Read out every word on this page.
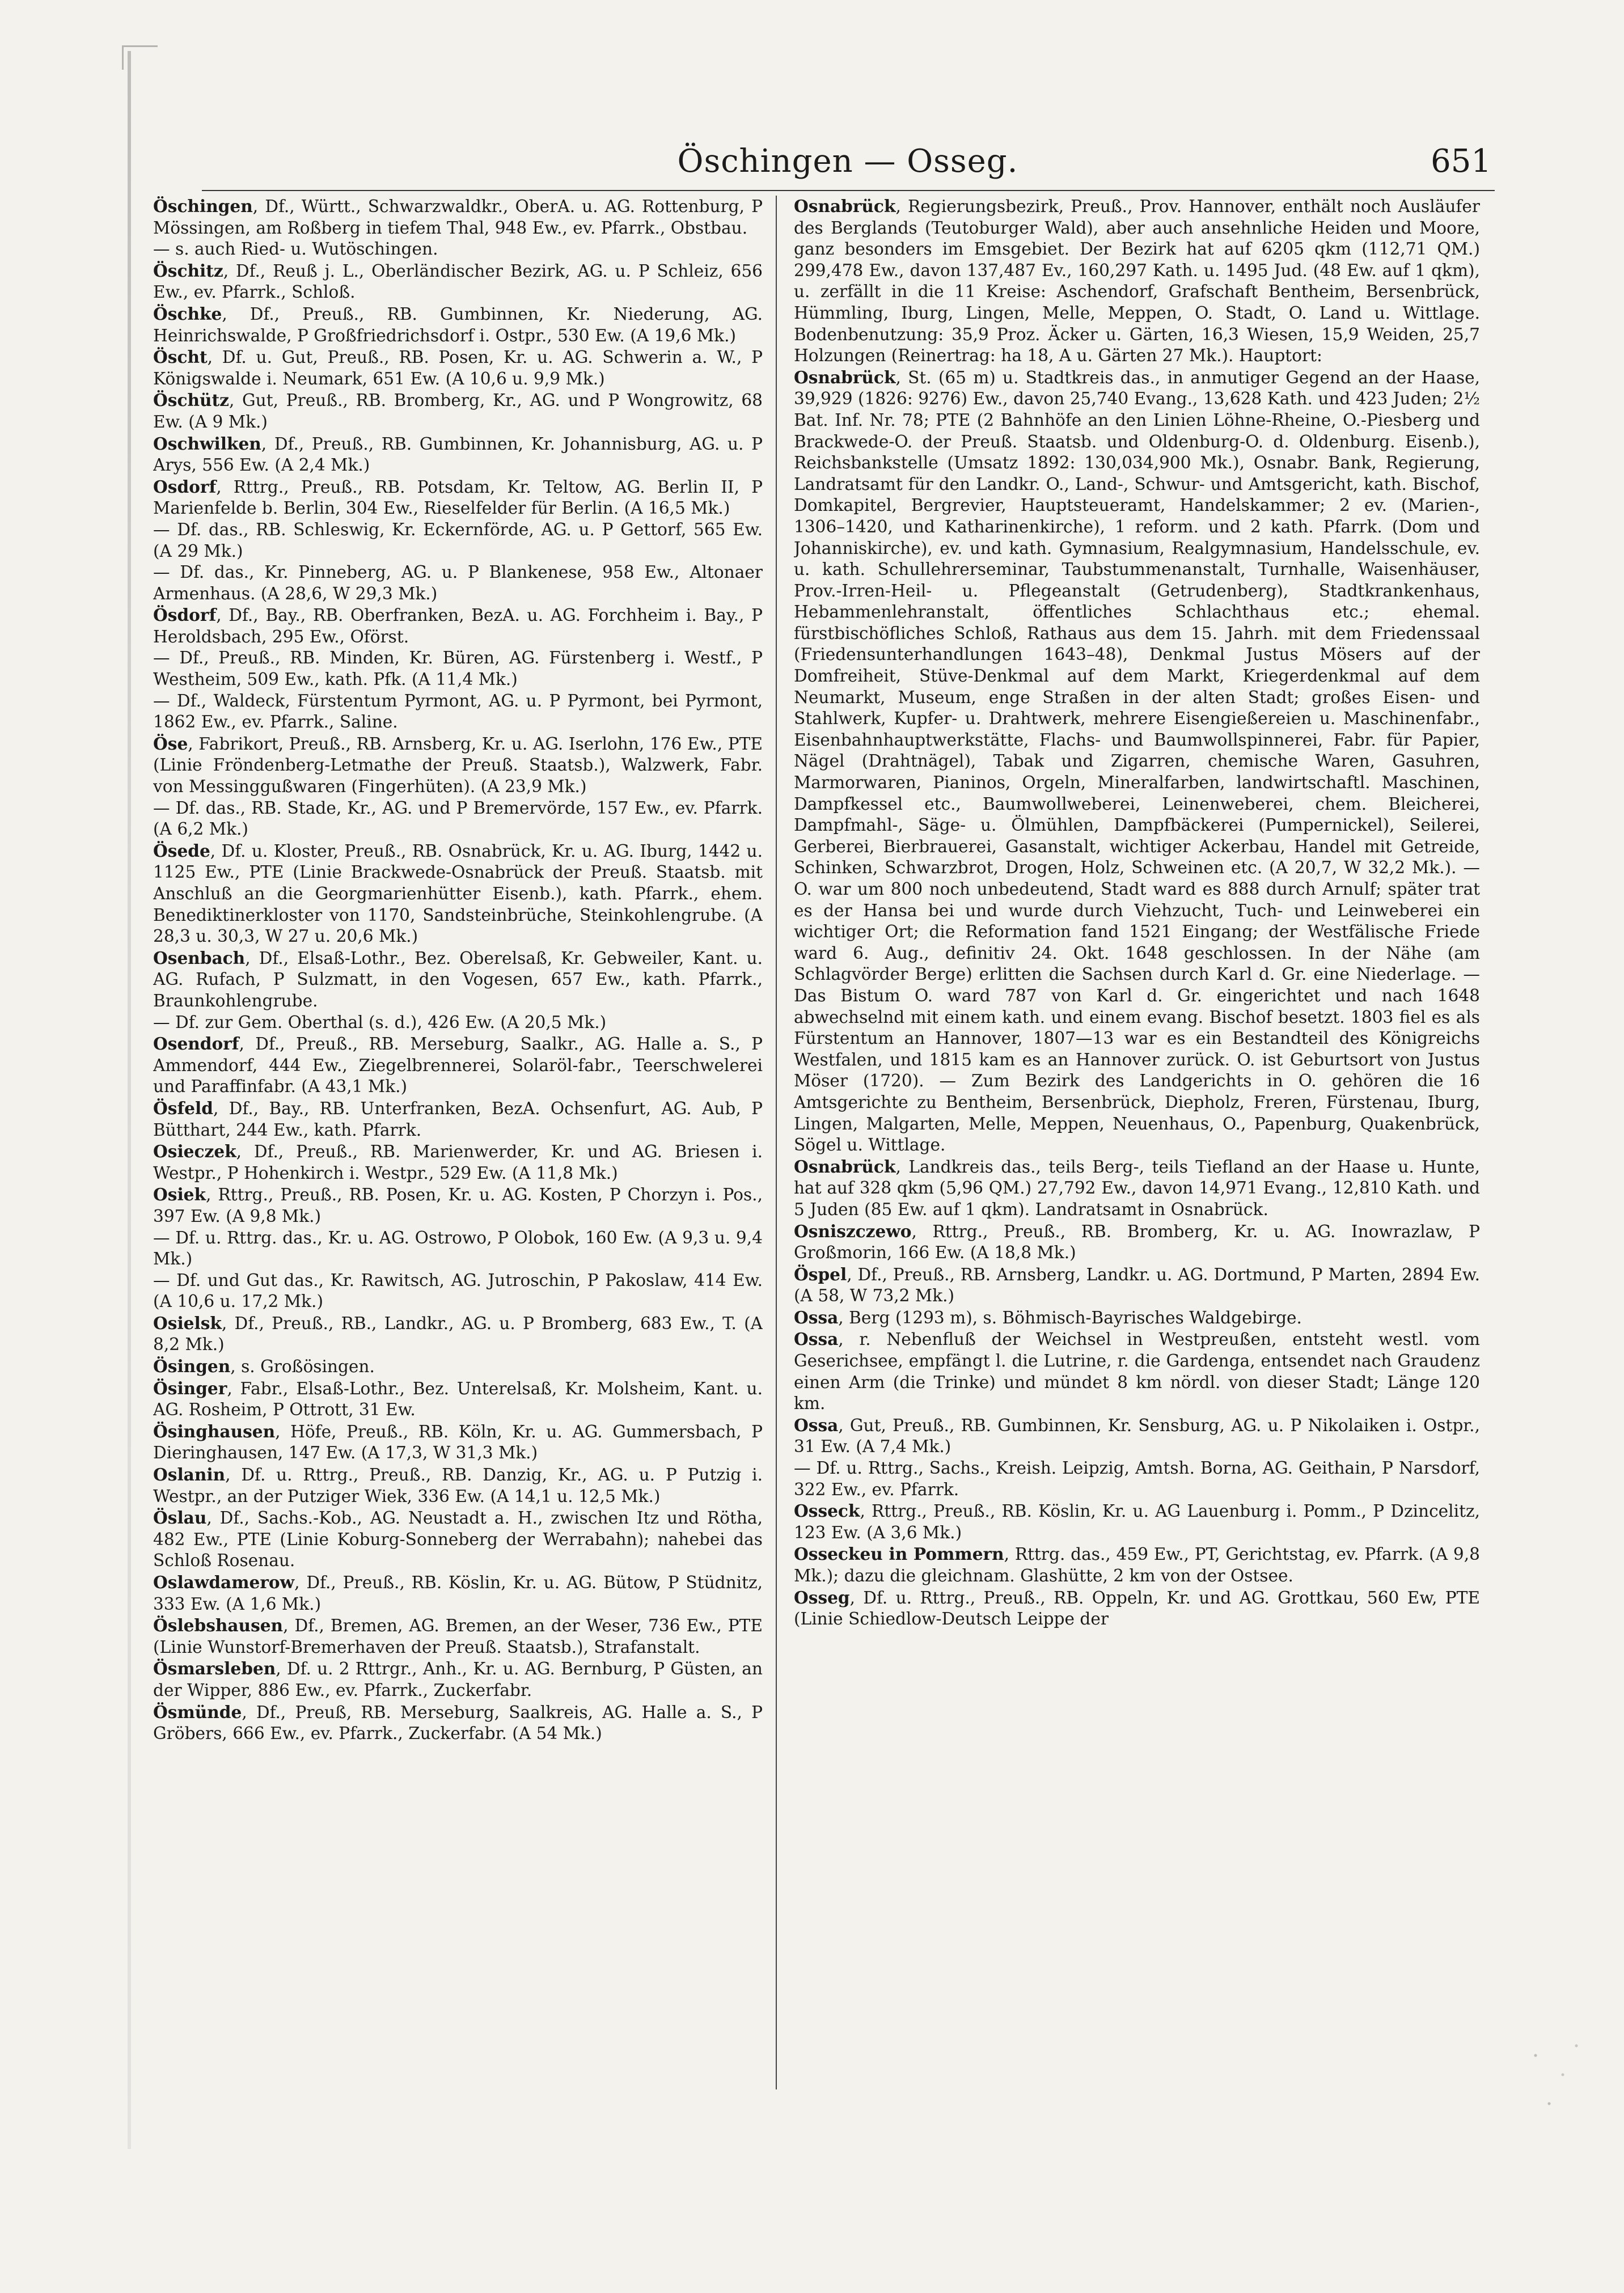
Öschingen — Osseg.	651
Öschingen, Df., Württ., Schwarzwaldkr., OberA. u. AG. Rottenburg, P Mössingen, am Roßberg in tiefem Thal, 948 Ew., ev. Pfarrk., Obstbau.
— s. auch Ried- u. Wutöschingen.
Öschitz, Df., Reuß j. L., Oberländischer Bezirk, AG. u. P Schleiz, 656 Ew., ev. Pfarrk., Schloß.
Öschke, Df., Preuß., RB. Gumbinnen, Kr. Niederung, AG. Heinrichswalde, P Großfriedrichsdorf i. Ostpr., 530 Ew. (A 19,6 Mk.)
Öscht, Df. u. Gut, Preuß., RB. Posen, Kr. u. AG. Schwerin a. W., P Königswalde i. Neumark, 651 Ew. (A 10,6 u. 9,9 Mk.)
Öschütz, Gut, Preuß., RB. Bromberg, Kr., AG. und P Wongrowitz, 68 Ew. (A 9 Mk.)
Oschwilken, Df., Preuß., RB. Gumbinnen, Kr. Johannisburg, AG. u. P Arys, 556 Ew. (A 2,4 Mk.)
Osdorf, Rttrg., Preuß., RB. Potsdam, Kr. Teltow, AG. Berlin II, P Marienfelde b. Berlin, 304 Ew., Rieselfelder für Berlin. (A 16,5 Mk.)
— Df. das., RB. Schleswig, Kr. Eckernförde, AG. u. P Gettorf, 565 Ew. (A 29 Mk.)
— Df. das., Kr. Pinneberg, AG. u. P Blankenese, 958 Ew., Altonaer Armenhaus. (A 28,6, W 29,3 Mk.)
Ösdorf, Df., Bay., RB. Oberfranken, BezA. u. AG. Forchheim i. Bay., P Heroldsbach, 295 Ew., Oförst.
— Df., Preuß., RB. Minden, Kr. Büren, AG. Fürstenberg i. Westf., P Westheim, 509 Ew., kath. Pfk. (A 11,4 Mk.)
— Df., Waldeck, Fürstentum Pyrmont, AG. u. P Pyrmont, bei Pyrmont, 1862 Ew., ev. Pfarrk., Saline.
Öse, Fabrikort, Preuß., RB. Arnsberg, Kr. u. AG. Iserlohn, 176 Ew., PTE (Linie Fröndenberg-Letmathe der Preuß. Staatsb.), Walzwerk, Fabr. von Messinggußwaren (Fingerhüten). (A 23,9 Mk.)
— Df. das., RB. Stade, Kr., AG. und P Bremervörde, 157 Ew., ev. Pfarrk. (A 6,2 Mk.)
Ösede, Df. u. Kloster, Preuß., RB. Osnabrück, Kr. u. AG. Iburg, 1442 u. 1125 Ew., PTE (Linie Brackwede-Osnabrück der Preuß. Staatsb. mit Anschluß an die Georgmarienhütter Eisenb.), kath. Pfarrk., ehem. Benediktinerkloster von 1170, Sandsteinbrüche, Steinkohlengrube. (A 28,3 u. 30,3, W 27 u. 20,6 Mk.)
Osenbach, Df., Elsaß-Lothr., Bez. Oberelsaß, Kr. Gebweiler, Kant. u. AG. Rufach, P Sulzmatt, in den Vogesen, 657 Ew., kath. Pfarrk., Braunkohlengrube.
— Df. zur Gem. Oberthal (s. d.), 426 Ew. (A 20,5 Mk.)
Osendorf, Df., Preuß., RB. Merseburg, Saalkr., AG. Halle a. S., P Ammendorf, 444 Ew., Ziegelbrennerei, Solaröl-fabr., Teerschwelerei und Paraffinfabr. (A 43,1 Mk.)
Ösfeld, Df., Bay., RB. Unterfranken, BezA. Ochsenfurt, AG. Aub, P Bütthart, 244 Ew., kath. Pfarrk.
Osieczek, Df., Preuß., RB. Marienwerder, Kr. und AG. Briesen i. Westpr., P Hohenkirch i. Westpr., 529 Ew. (A 11,8 Mk.)
Osiek, Rttrg., Preuß., RB. Posen, Kr. u. AG. Kosten, P Chorzyn i. Pos., 397 Ew. (A 9,8 Mk.)
— Df. u. Rttrg. das., Kr. u. AG. Ostrowo, P Olobok, 160 Ew. (A 9,3 u. 9,4 Mk.)
— Df. und Gut das., Kr. Rawitsch, AG. Jutroschin, P Pakoslaw, 414 Ew. (A 10,6 u. 17,2 Mk.)
Osielsk, Df., Preuß., RB., Landkr., AG. u. P Bromberg, 683 Ew., T. (A 8,2 Mk.)
Ösingen, s. Großösingen.
Ösinger, Fabr., Elsaß-Lothr., Bez. Unterelsaß, Kr. Molsheim, Kant. u. AG. Rosheim, P Ottrott, 31 Ew.
Ösinghausen, Höfe, Preuß., RB. Köln, Kr. u. AG. Gummersbach, P Dieringhausen, 147 Ew. (A 17,3, W 31,3 Mk.)
Oslanin, Df. u. Rttrg., Preuß., RB. Danzig, Kr., AG. u. P Putzig i. Westpr., an der Putziger Wiek, 336 Ew. (A 14,1 u. 12,5 Mk.)
Öslau, Df., Sachs.-Kob., AG. Neustadt a. H., zwischen Itz und Rötha, 482 Ew., PTE (Linie Koburg-Sonneberg der Werrabahn); nahebei das Schloß Rosenau.
Oslawdamerow, Df., Preuß., RB. Köslin, Kr. u. AG. Bütow, P Stüdnitz, 333 Ew. (A 1,6 Mk.)
Öslebshausen, Df., Bremen, AG. Bremen, an der Weser, 736 Ew., PTE (Linie Wunstorf-Bremerhaven der Preuß. Staatsb.), Strafanstalt.
Ösmarsleben, Df. u. 2 Rttrgr., Anh., Kr. u. AG. Bernburg, P Güsten, an der Wipper, 886 Ew., ev. Pfarrk., Zuckerfabr.
Ösmünde, Df., Preuß, RB. Merseburg, Saalkreis, AG. Halle a. S., P Gröbers, 666 Ew., ev. Pfarrk., Zuckerfabr. (A 54 Mk.)
Osnabrück, Regierungsbezirk, Preuß., Prov. Hannover, enthält noch Ausläufer des Berglands (Teutoburger Wald), aber auch ansehnliche Heiden und Moore, ganz besonders im Emsgebiet. Der Bezirk hat auf 6205 qkm (112,71 QM.) 299,478 Ew., davon 137,487 Ev., 160,297 Kath. u. 1495 Jud. (48 Ew. auf 1 qkm), u. zerfällt in die 11 Kreise: Aschendorf, Grafschaft Bentheim, Bersenbrück, Hümmling, Iburg, Lingen, Melle, Meppen, O. Stadt, O. Land u. Wittlage. Bodenbenutzung: 35,9 Proz. Äcker u. Gärten, 16,3 Wiesen, 15,9 Weiden, 25,7 Holzungen (Reinertrag: ha 18, A u. Gärten 27 Mk.). Hauptort:
Osnabrück, St. (65 m) u. Stadtkreis das., in anmutiger Gegend an der Haase, 39,929 (1826: 9276) Ew., davon 25,740 Evang., 13,628 Kath. und 423 Juden; 2½ Bat. Inf. Nr. 78; PTE (2 Bahnhöfe an den Linien Löhne-Rheine, O.-Piesberg und Brackwede-O. der Preuß. Staatsb. und Oldenburg-O. d. Oldenburg. Eisenb.), Reichsbankstelle (Umsatz 1892: 130,034,900 Mk.), Osnabr. Bank, Regierung, Landratsamt für den Landkr. O., Land-, Schwur- und Amtsgericht, kath. Bischof, Domkapitel, Bergrevier, Hauptsteueramt, Handelskammer; 2 ev. (Marien-, 1306–1420, und Katharinenkirche), 1 reform. und 2 kath. Pfarrk. (Dom und Johanniskirche), ev. und kath. Gymnasium, Realgymnasium, Handelsschule, ev. u. kath. Schullehrerseminar, Taubstummenanstalt, Turnhalle, Waisenhäuser, Prov.-Irren-Heil- u. Pflegeanstalt (Getrudenberg), Stadtkrankenhaus, Hebammenlehranstalt, öffentliches Schlachthaus etc.; ehemal. fürstbischöfliches Schloß, Rathaus aus dem 15. Jahrh. mit dem Friedenssaal (Friedensunterhandlungen 1643–48), Denkmal Justus Mösers auf der Domfreiheit, Stüve-Denkmal auf dem Markt, Kriegerdenkmal auf dem Neumarkt, Museum, enge Straßen in der alten Stadt; großes Eisen- und Stahlwerk, Kupfer- u. Drahtwerk, mehrere Eisengießereien u. Maschinenfabr., Eisenbahnhauptwerkstätte, Flachs- und Baumwollspinnerei, Fabr. für Papier, Nägel (Drahtnägel), Tabak und Zigarren, chemische Waren, Gasuhren, Marmorwaren, Pianinos, Orgeln, Mineralfarben, landwirtschaftl. Maschinen, Dampfkessel etc., Baumwollweberei, Leinenweberei, chem. Bleicherei, Dampfmahl-, Säge- u. Ölmühlen, Dampfbäckerei (Pumpernickel), Seilerei, Gerberei, Bierbrauerei, Gasanstalt, wichtiger Ackerbau, Handel mit Getreide, Schinken, Schwarzbrot, Drogen, Holz, Schweinen etc. (A 20,7, W 32,2 Mk.). — O. war um 800 noch unbedeutend, Stadt ward es 888 durch Arnulf; später trat es der Hansa bei und wurde durch Viehzucht, Tuch- und Leinweberei ein wichtiger Ort; die Reformation fand 1521 Eingang; der Westfälische Friede ward 6. Aug., definitiv 24. Okt. 1648 geschlossen. In der Nähe (am Schlagvörder Berge) erlitten die Sachsen durch Karl d. Gr. eine Niederlage. — Das Bistum O. ward 787 von Karl d. Gr. eingerichtet und nach 1648 abwechselnd mit einem kath. und einem evang. Bischof besetzt. 1803 fiel es als Fürstentum an Hannover, 1807—13 war es ein Bestandteil des Königreichs Westfalen, und 1815 kam es an Hannover zurück. O. ist Geburtsort von Justus Möser (1720). — Zum Bezirk des Landgerichts in O. gehören die 16 Amtsgerichte zu Bentheim, Bersenbrück, Diepholz, Freren, Fürstenau, Iburg, Lingen, Malgarten, Melle, Meppen, Neuenhaus, O., Papenburg, Quakenbrück, Sögel u. Wittlage.
Osnabrück, Landkreis das., teils Berg-, teils Tiefland an der Haase u. Hunte, hat auf 328 qkm (5,96 QM.) 27,792 Ew., davon 14,971 Evang., 12,810 Kath. und 5 Juden (85 Ew. auf 1 qkm). Landratsamt in Osnabrück.
Osniszczewo, Rttrg., Preuß., RB. Bromberg, Kr. u. AG. Inowrazlaw, P Großmorin, 166 Ew. (A 18,8 Mk.)
Öspel, Df., Preuß., RB. Arnsberg, Landkr. u. AG. Dortmund, P Marten, 2894 Ew. (A 58, W 73,2 Mk.)
Ossa, Berg (1293 m), s. Böhmisch-Bayrisches Waldgebirge.
Ossa, r. Nebenfluß der Weichsel in Westpreußen, entsteht westl. vom Geserichsee, empfängt l. die Lutrine, r. die Gardenga, entsendet nach Graudenz einen Arm (die Trinke) und mündet 8 km nördl. von dieser Stadt; Länge 120 km.
Ossa, Gut, Preuß., RB. Gumbinnen, Kr. Sensburg, AG. u. P Nikolaiken i. Ostpr., 31 Ew. (A 7,4 Mk.)
— Df. u. Rttrg., Sachs., Kreish. Leipzig, Amtsh. Borna, AG. Geithain, P Narsdorf, 322 Ew., ev. Pfarrk.
Osseck, Rttrg., Preuß., RB. Köslin, Kr. u. AG Lauenburg i. Pomm., P Dzincelitz, 123 Ew. (A 3,6 Mk.)
Osseckeu in Pommern, Rttrg. das., 459 Ew., PT, Gerichtstag, ev. Pfarrk. (A 9,8 Mk.); dazu die gleichnam. Glashütte, 2 km von der Ostsee.
Osseg, Df. u. Rttrg., Preuß., RB. Oppeln, Kr. und AG. Grottkau, 560 Ew, PTE (Linie Schiedlow-Deutsch Leippe der
